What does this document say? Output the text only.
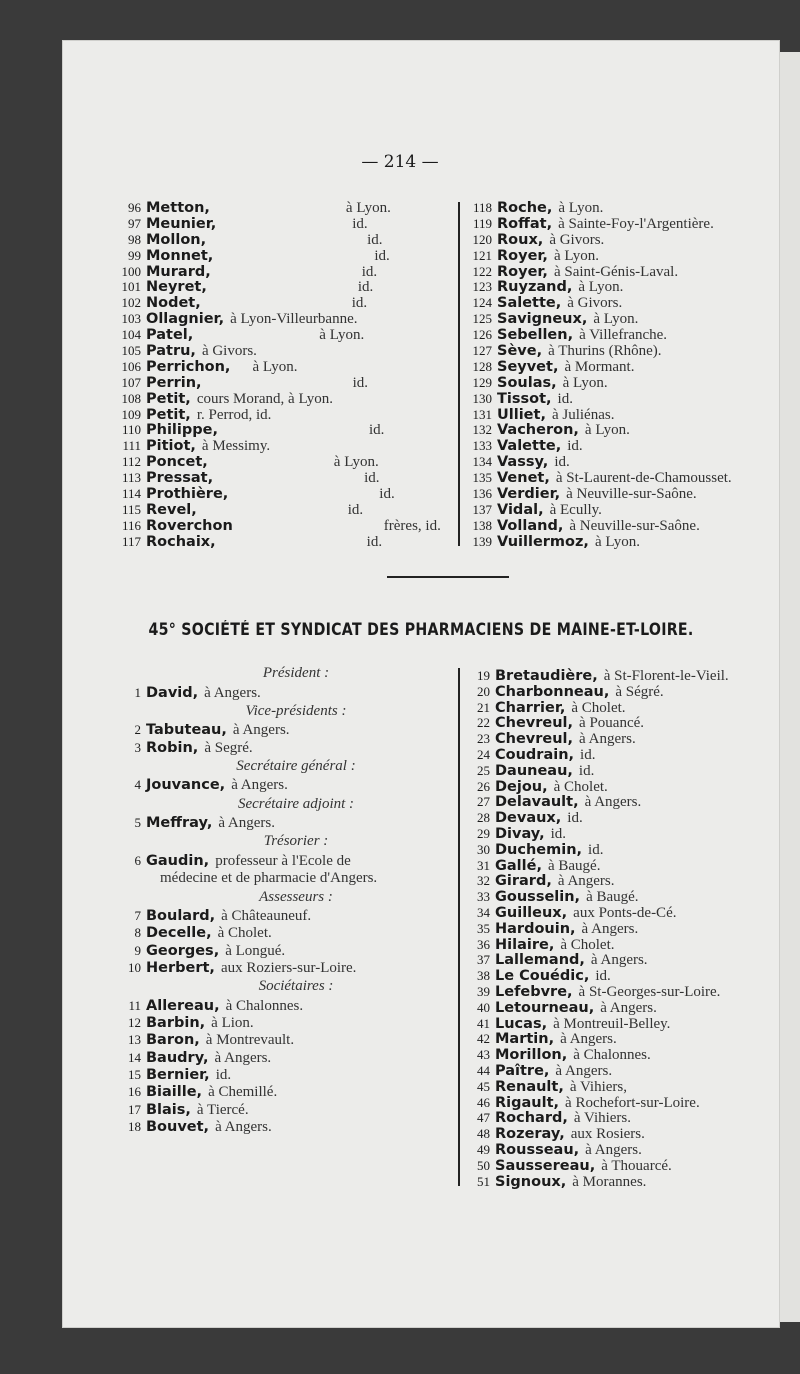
— 214 —
96 Metton,	à Lyon.
97 Meunier,	id.
98 Mollon,	id.
99 Monnet,	id.
100 Murard,	id.
101 Neyret,	id.
102 Nodet,	id.
103 Ollagnier, à Lyon-Villeurbanne.
104 Patel,	à Lyon.
105 Patru, à Givors.
106 Perrichon, à Lyon.
107 Perrin,	id.
108 Petit, cours Morand, à Lyon.
109 Petit, r. Perrod, id.
110 Philippe,	id.
111 Pitiot, à Messimy.
112 Poncet,	à Lyon.
113 Pressat,	id.
114 Prothière,	id.
115 Revel,	id.
116 Roverchon	frères, id.
117 Rochaix,	id.
118 Roche, à Lyon.
119 Roffat, à Sainte-Foy-l'Argentière.
120 Roux, à Givors.
121 Royer, à Lyon.
122 Royer, à Saint-Génis-Laval.
123 Ruyzand, à Lyon.
124 Salette, à Givors.
125 Savigneux, à Lyon.
126 Sebellen, à Villefranche.
127 Sève, à Thurins (Rhône).
128 Seyvet, à Mormant.
129 Soulas, à Lyon.
130 Tissot, id.
131 Ulliet, à Juliénas.
132 Vacheron, à Lyon.
133 Valette, id.
134 Vassy, id.
135 Venet, à St-Laurent-de-Chamousset.
136 Verdier, à Neuville-sur-Saône.
137 Vidal, à Ecully.
138 Volland, à Neuville-sur-Saône.
139 Vuillermoz, à Lyon.
45° SOCIÉTÉ ET SYNDICAT DES PHARMACIENS DE MAINE-ET-LOIRE.
Président :
1 David, à Angers.
Vice-présidents :
2 Tabuteau, à Angers.
3 Robin, à Segré.
Secrétaire général :
4 Jouvance, à Angers.
Secrétaire adjoint :
5 Meffray, à Angers.
Trésorier :
6 Gaudin, professeur à l'Ecole de
médecine et de pharmacie d'Angers.
Assesseurs :
7 Boulard, à Châteauneuf.
8 Decelle, à Cholet.
9 Georges, à Longué.
10 Herbert, aux Roziers-sur-Loire.
Sociétaires :
11 Allereau, à Chalonnes.
12 Barbin, à Lion.
13 Baron, à Montrevault.
14 Baudry, à Angers.
15 Bernier, id.
16 Biaille, à Chemillé.
17 Blais, à Tiercé.
18 Bouvet, à Angers.
19 Bretaudière, à St-Florent-le-Vieil.
20 Charbonneau, à Ségré.
21 Charrier, à Cholet.
22 Chevreul, à Pouancé.
23 Chevreul, à Angers.
24 Coudrain, id.
25 Dauneau, id.
26 Dejou, à Cholet.
27 Delavault, à Angers.
28 Devaux, id.
29 Divay, id.
30 Duchemin, id.
31 Gallé, à Baugé.
32 Girard, à Angers.
33 Gousselin, à Baugé.
34 Guilleux, aux Ponts-de-Cé.
35 Hardouin, à Angers.
36 Hilaire, à Cholet.
37 Lallemand, à Angers.
38 Le Couédic, id.
39 Lefebvre, à St-Georges-sur-Loire.
40 Letourneau, à Angers.
41 Lucas, à Montreuil-Belley.
42 Martin, à Angers.
43 Morillon, à Chalonnes.
44 Paître, à Angers.
45 Renault, à Vihiers,
46 Rigault, à Rochefort-sur-Loire.
47 Rochard, à Vihiers.
48 Rozeray, aux Rosiers.
49 Rousseau, à Angers.
50 Saussereau, à Thouarcé.
51 Signoux, à Morannes.
